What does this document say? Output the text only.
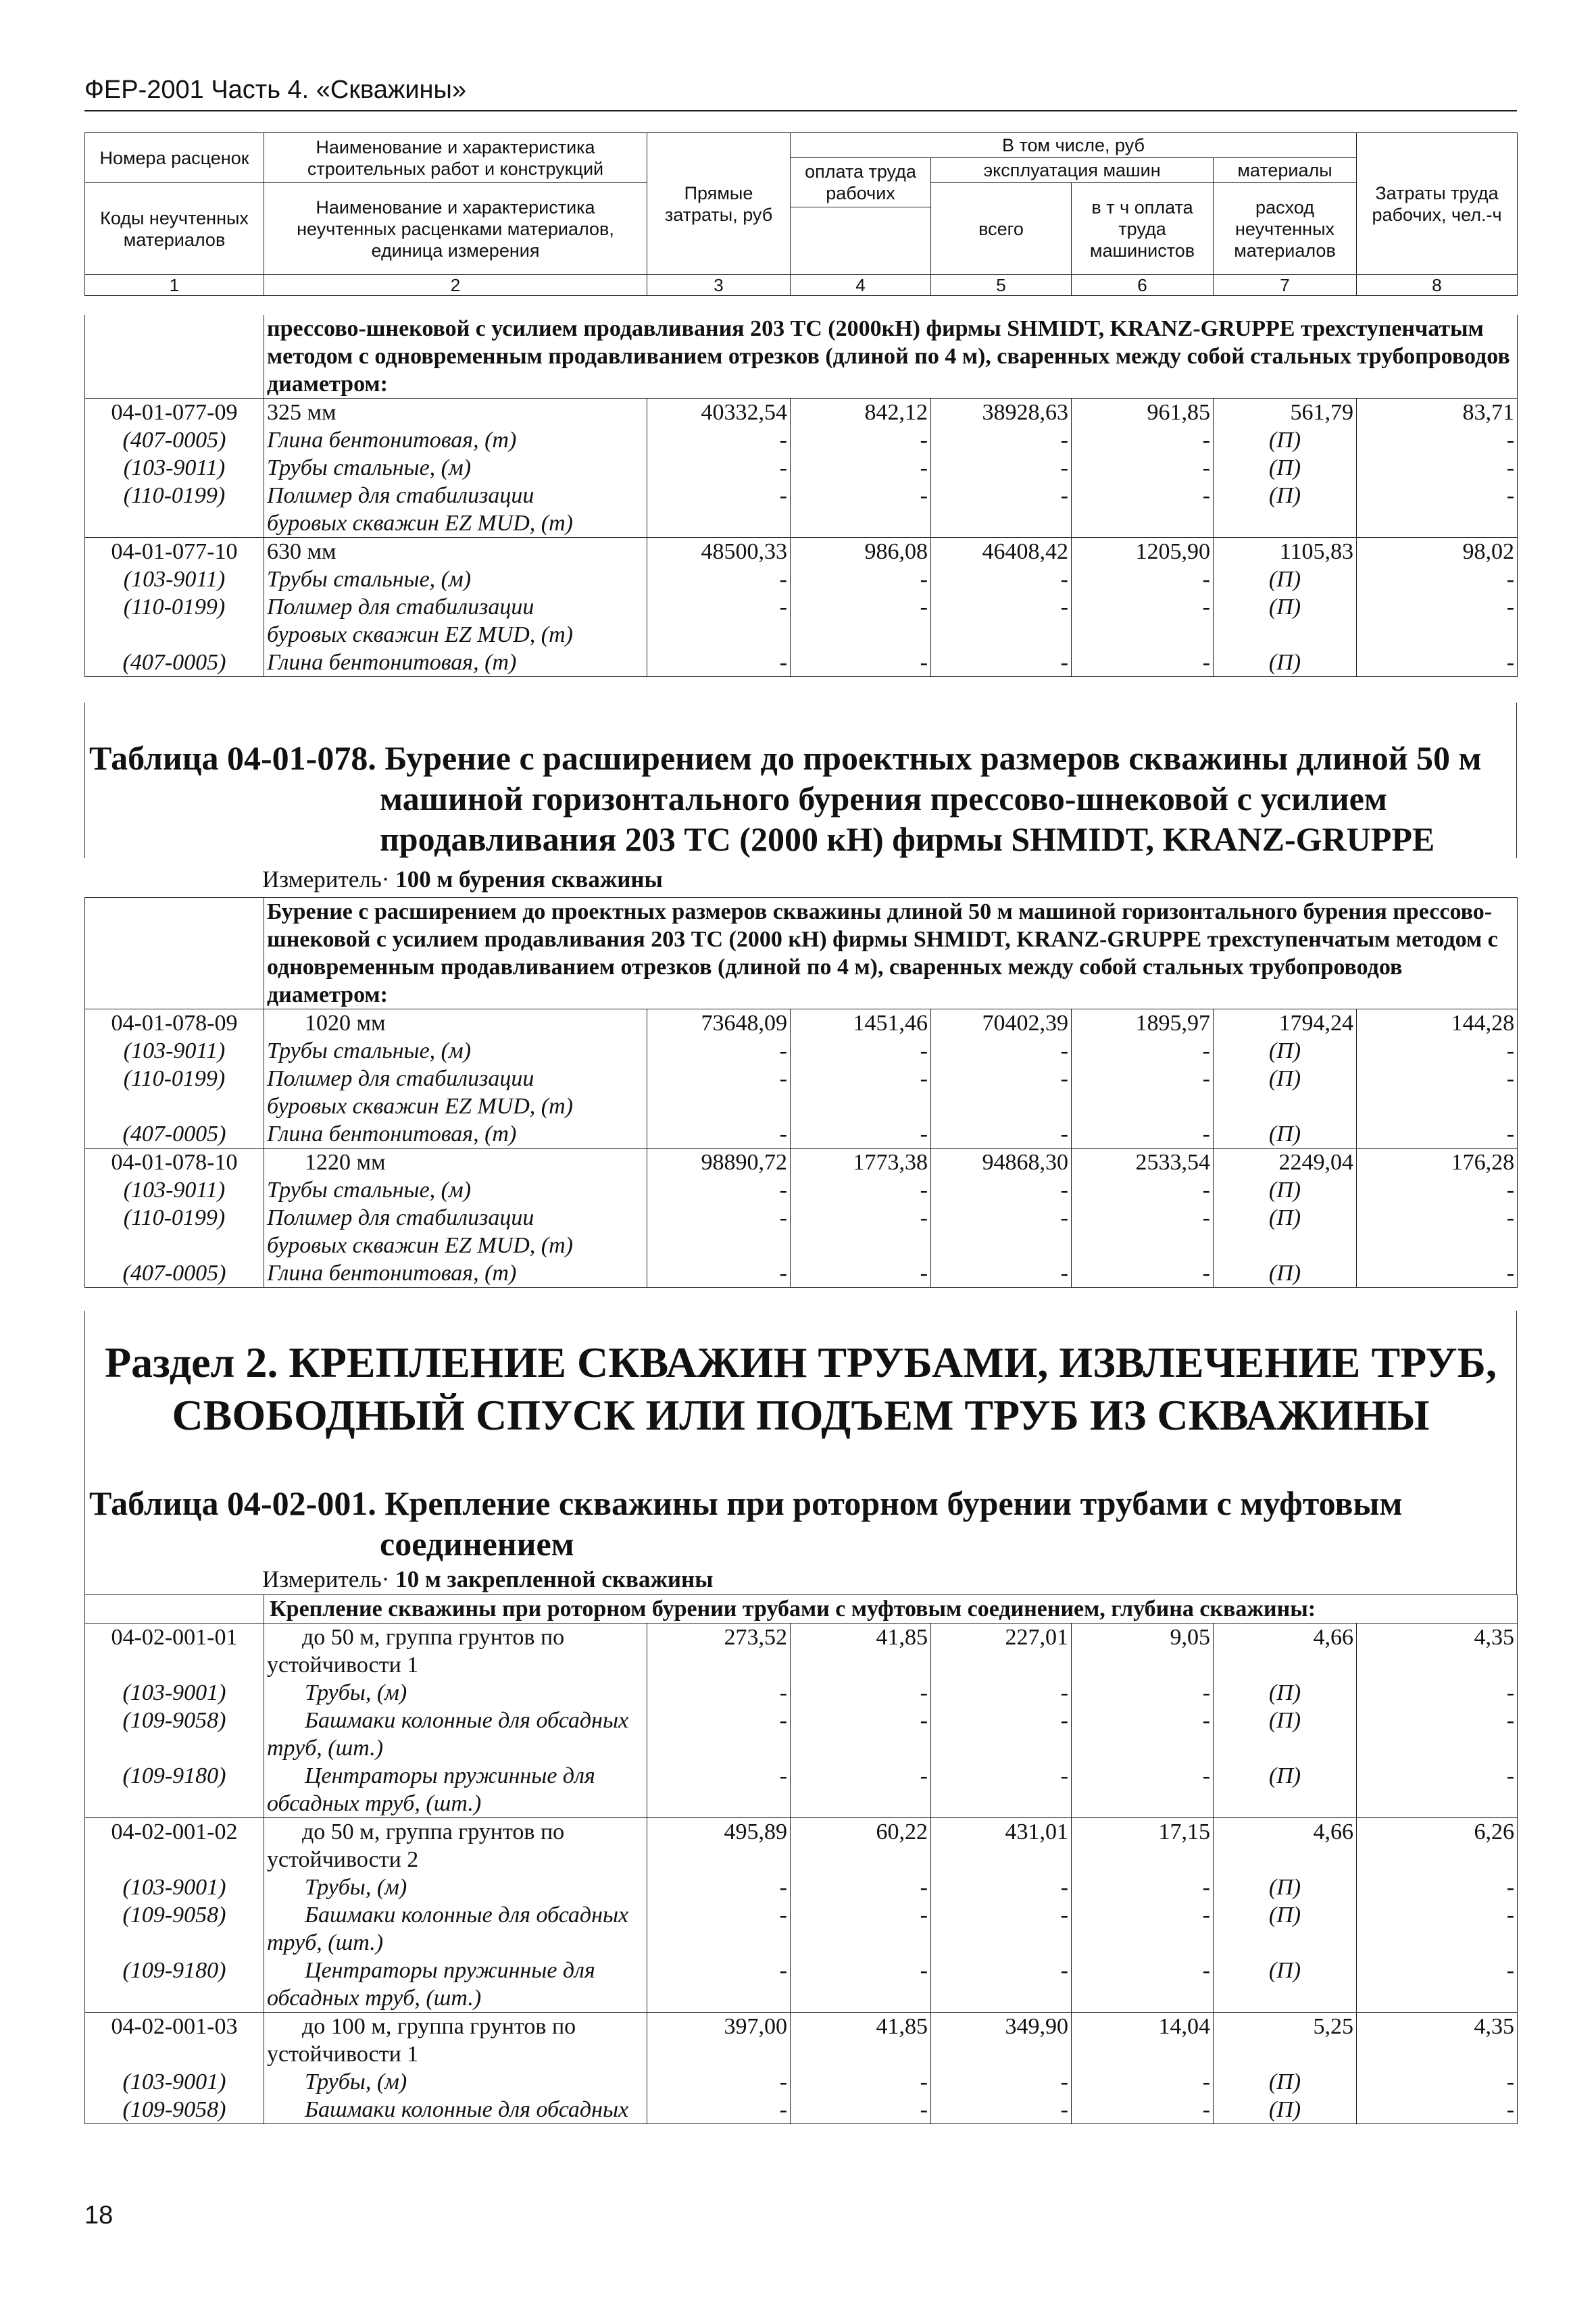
ФЕР-2001 Часть 4. «Скважины»
Номера расценок	Наименование и характеристика строительных работ и конструкций	Прямые затраты, руб	В том числе, руб				Затраты труда рабочих, чел.-ч
			оплата труда рабочих	эксплуатация машин		материалы	
Коды неучтенных материалов	Наименование и характеристика неучтенных расценками материалов, единица измерения			всего	в т ч оплата труда машинистов	расход неучтенных материалов	

1	2	3	4	5	6	7	8
	прессово-шнековой с усилием продавливания 203 ТС (2000кН) фирмы SHMIDT, KRANZ-GRUPPE трехступенчатым методом с одновременным продавливанием отрезков (длиной по 4 м), сваренных между собой стальных трубопроводов диаметром:						
04-01-077-09	325 мм	40332,54	842,12	38928,63	961,85	561,79	83,71
(407-0005)	Глина бентонитовая, (т)	-	-	-	-	(П)	-
(103-9011)	Трубы стальные, (м)	-	-	-	-	(П)	-
(110-0199)	Полимер для стабилизации	-	-	-	-	(П)	-
	буровых скважин EZ MUD, (т)						
04-01-077-10	630 мм	48500,33	986,08	46408,42	1205,90	1105,83	98,02
(103-9011)	Трубы стальные, (м)	-	-	-	-	(П)	-
(110-0199)	Полимер для стабилизации	-	-	-	-	(П)	-
	буровых скважин EZ MUD, (т)						
(407-0005)	Глина бентонитовая, (т)	-	-	-	-	(П)	-
Таблица 04-01-078. Бурение с расширением до проектных размеров скважины длиной 50 м
машиной горизонтального бурения прессово-шнековой с усилием
продавливания 203 ТС (2000 кН) фирмы SHMIDT, KRANZ-GRUPPE
Измеритель· 100 м бурения скважины
	Бурение с расширением до проектных размеров скважины длиной 50 м машиной горизонтального бурения прессово-шнековой с усилием продавливания 203 ТС (2000 кН) фирмы SHMIDT, KRANZ-GRUPPE трехступенчатым методом с одновременным продавливанием отрезков (длиной по 4 м), сваренных между собой стальных трубопроводов диаметром:						
04-01-078-09	1020 мм	73648,09	1451,46	70402,39	1895,97	1794,24	144,28
(103-9011)	Трубы стальные, (м)	-	-	-	-	(П)	-
(110-0199)	Полимер для стабилизации	-	-	-	-	(П)	-
	буровых скважин EZ MUD, (т)						
(407-0005)	Глина бентонитовая, (т)	-	-	-	-	(П)	-
04-01-078-10	1220 мм	98890,72	1773,38	94868,30	2533,54	2249,04	176,28
(103-9011)	Трубы стальные, (м)	-	-	-	-	(П)	-
(110-0199)	Полимер для стабилизации	-	-	-	-	(П)	-
	буровых скважин EZ MUD, (т)						
(407-0005)	Глина бентонитовая, (т)	-	-	-	-	(П)	-
Раздел 2. КРЕПЛЕНИЕ СКВАЖИН ТРУБАМИ, ИЗВЛЕЧЕНИЕ ТРУБ,
СВОБОДНЫЙ СПУСК ИЛИ ПОДЪЕМ ТРУБ ИЗ СКВАЖИНЫ
Таблица 04-02-001. Крепление скважины при роторном бурении трубами с муфтовым
соединением
Измеритель· 10 м закрепленной скважины
	Крепление скважины при роторном бурении трубами с муфтовым соединением, глубина скважины:						
04-02-001-01	до 50 м, группа грунтов по	273,52	41,85	227,01	9,05	4,66	4,35
	устойчивости 1						
(103-9001)	Трубы, (м)	-	-	-	-	(П)	-
(109-9058)	Башмаки колонные для обсадных	-	-	-	-	(П)	-
	труб, (шт.)						
(109-9180)	Центраторы пружинные для	-	-	-	-	(П)	-
	обсадных труб, (шт.)						
04-02-001-02	до 50 м, группа грунтов по	495,89	60,22	431,01	17,15	4,66	6,26
	устойчивости 2						
(103-9001)	Трубы, (м)	-	-	-	-	(П)	-
(109-9058)	Башмаки колонные для обсадных	-	-	-	-	(П)	-
	труб, (шт.)						
(109-9180)	Центраторы пружинные для	-	-	-	-	(П)	-
	обсадных труб, (шт.)						
04-02-001-03	до 100 м, группа грунтов по	397,00	41,85	349,90	14,04	5,25	4,35
	устойчивости 1						
(103-9001)	Трубы, (м)	-	-	-	-	(П)	-
(109-9058)	Башмаки колонные для обсадных	-	-	-	-	(П)	-
18
